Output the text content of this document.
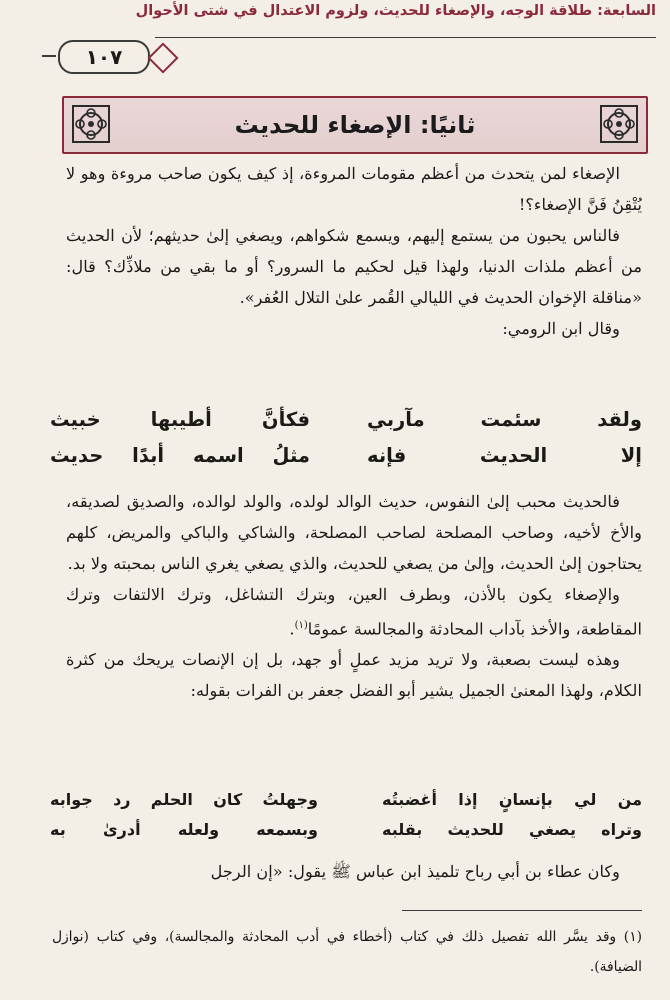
السابعة: طلاقة الوجه، والإصغاء للحديث، ولزوم الاعتدال في شتى الأحوال
١٠٧
ثانيًا: الإصغاء للحديث

الإصغاء لمن يتحدث من أعظم مقومات المروءة، إذ كيف يكون صاحب مروءة وهو لا يُتْقِنُ فَنَّ الإصغاء؟!

فالناس يحبون من يستمع إليهم، ويسمع شكواهم، ويصغي إلىٰ حديثهم؛ لأن الحديث من أعظم ملذات الدنيا، ولهذا قيل لحكيم ما السرور؟ أو ما بقي من ملاذِّك؟ قال: «مناقلة الإخوان الحديث في الليالي القُمر علىٰ التلال العُفر».

وقال ابن الرومي:

ولقد سئمت مآربي
فكأنَّ أطيبها خبيث
إلا الحديث فإنه
مثلُ اسمه أبدًا حديث

فالحديث محبب إلىٰ النفوس، حديث الوالد لولده، والولد لوالده، والصديق لصديقه، والأخ لأخيه، وصاحب المصلحة لصاحب المصلحة، والشاكي والباكي والمريض، كلهم يحتاجون إلىٰ الحديث، وإلىٰ من يصغي للحديث، والذي يصغي يغري الناس بمحبته ولا بد.

والإصغاء يكون بالأذن، وبطرف العين، وبترك التشاغل، وترك الالتفات وترك المقاطعة، والأخذ بآداب المحادثة والمجالسة عمومًا$^{(١)}$.

وهذه ليست بصعبة، ولا تريد مزيد عملٍ أو جهد، بل إن الإنصات يريحك من كثرة الكلام، ولهذا المعنىٰ الجميل يشير أبو الفضل جعفر بن الفرات بقوله:

من لي بإنسانٍ إذا أغضبتُه
وجهلتُ كان الحلم رد جوابه
وتراه يصغي للحديث بقلبه
وبسمعه ولعله أدرىٰ به

وكان عطاء بن أبي رباح تلميذ ابن عباس ﷺ يقول: «إن الرجل

(١) وقد يسَّر الله تفصيل ذلك في كتاب (أخطاء في أدب المحادثة والمجالسة)، وفي كتاب (نوازل الضيافة).
